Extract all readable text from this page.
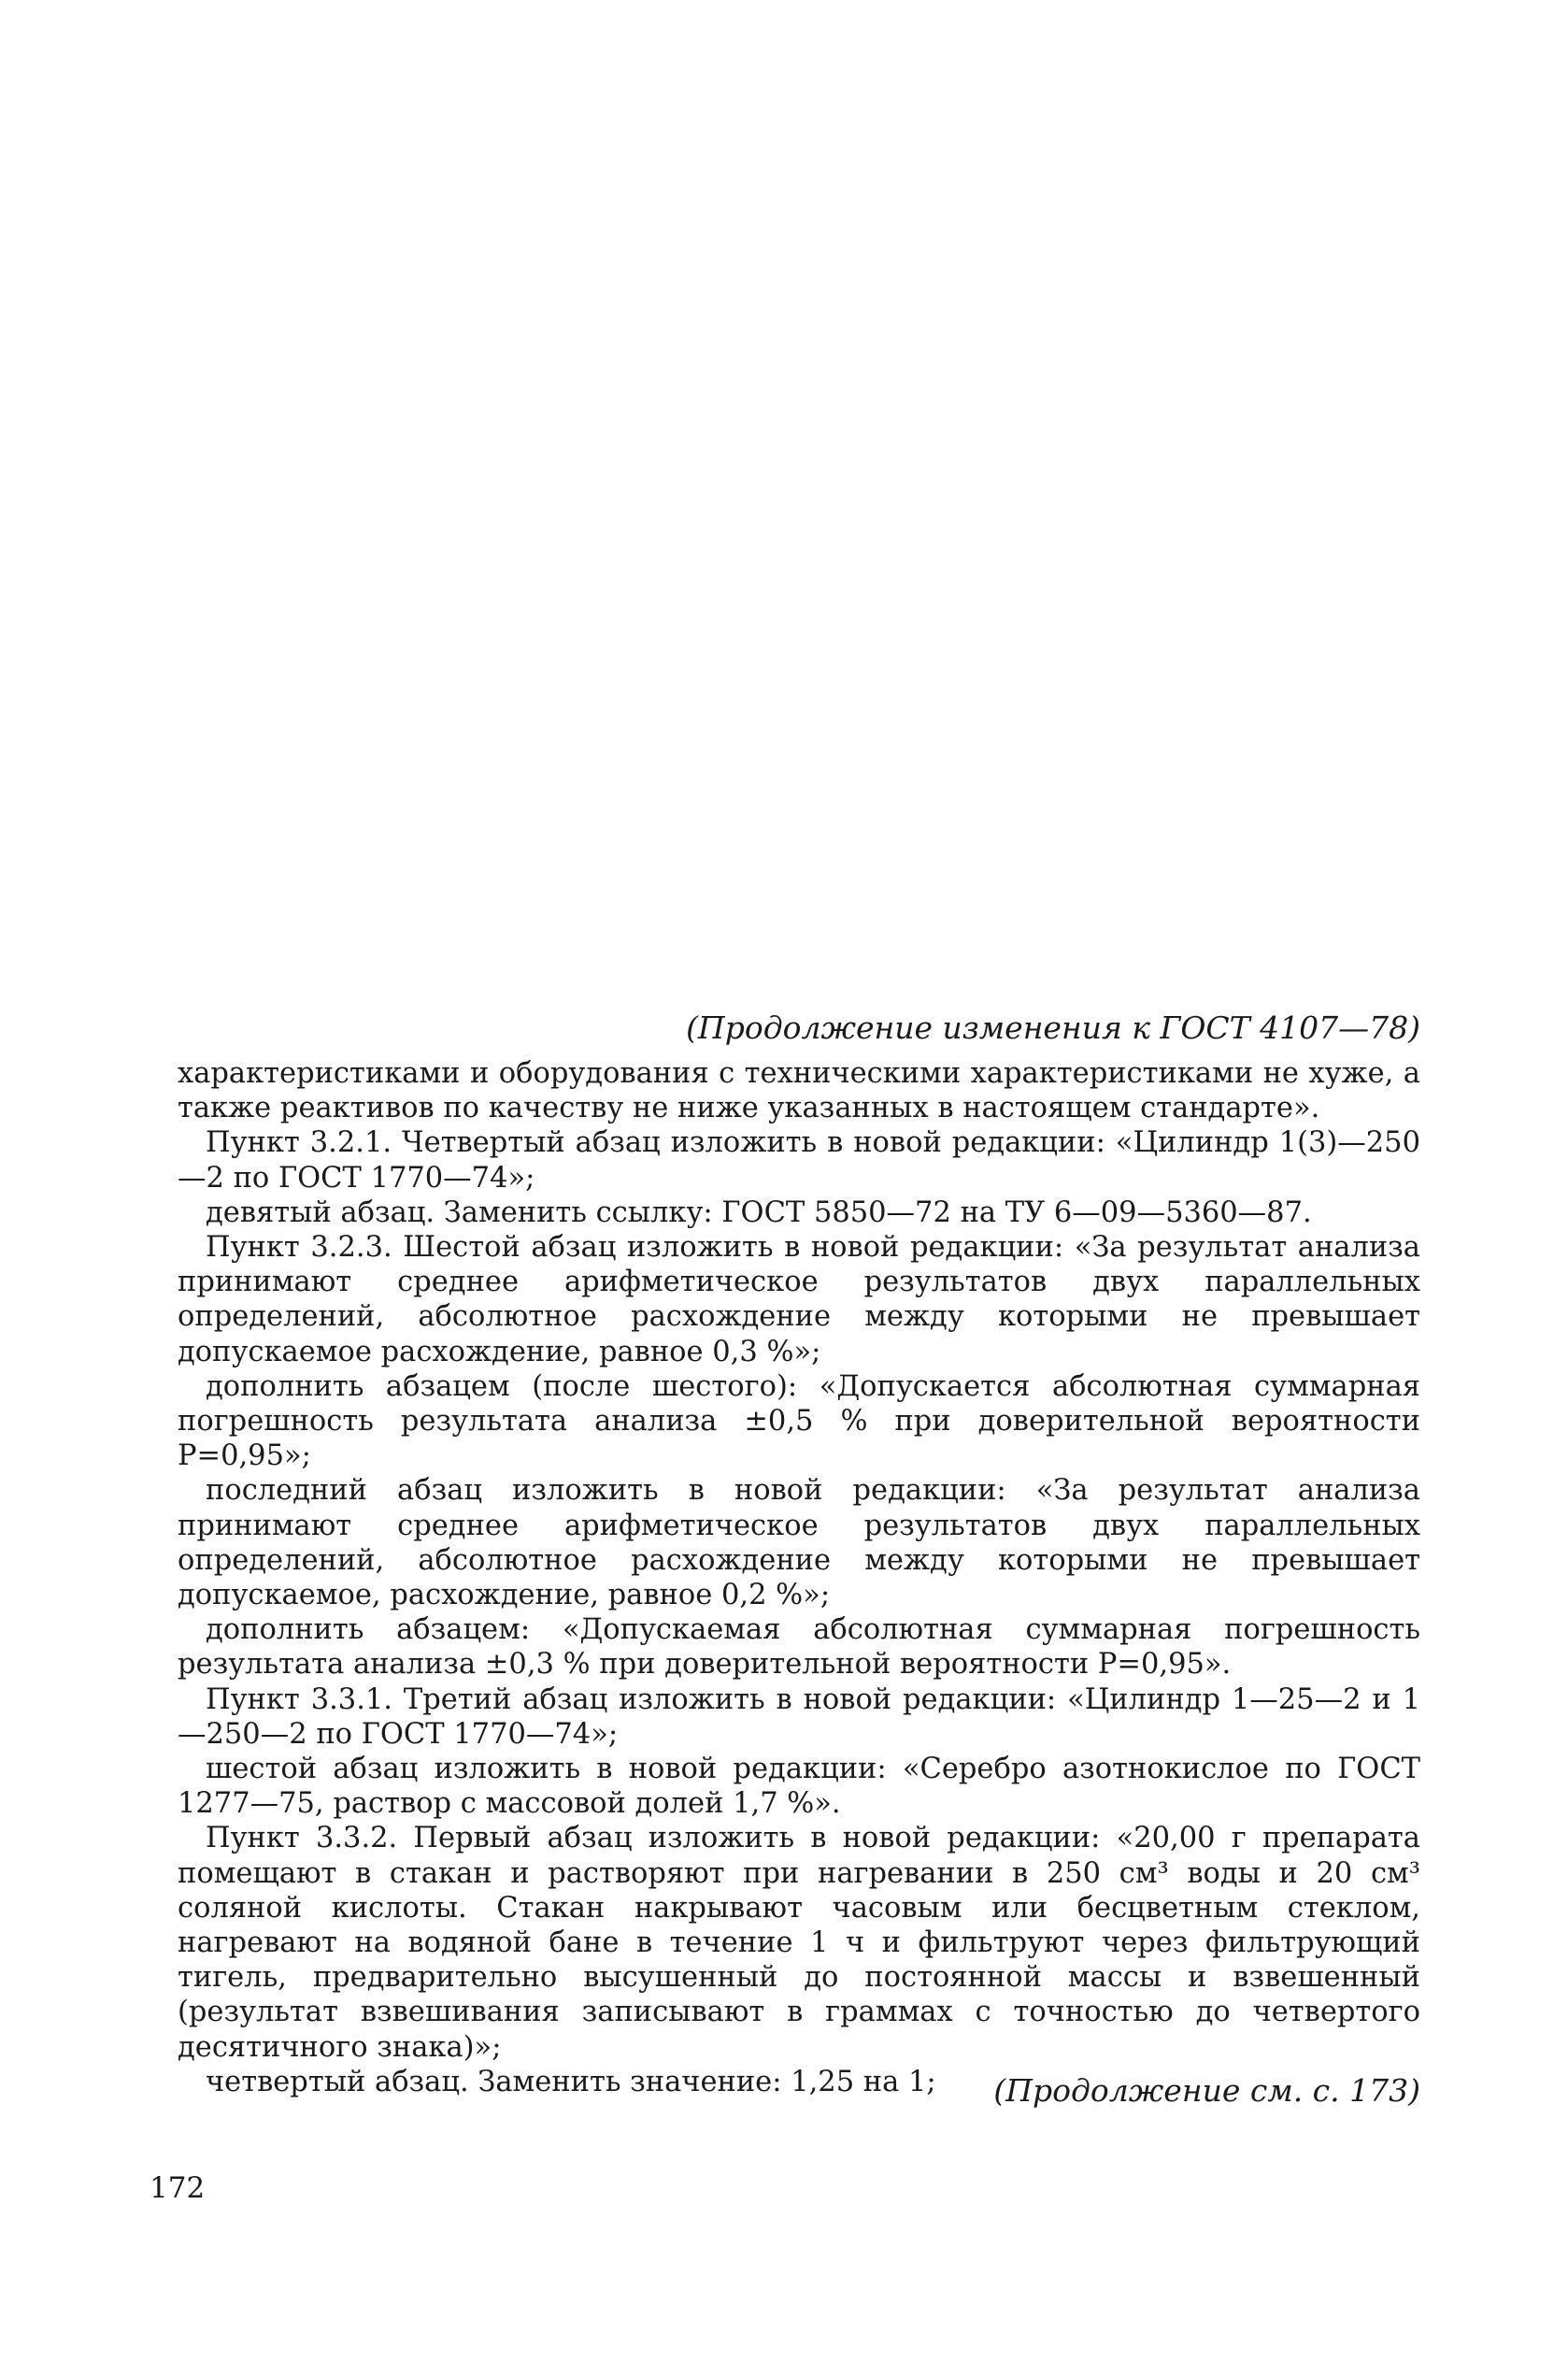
(Продолжение изменения к ГОСТ 4107—78)

характеристиками и оборудования с техническими характеристиками не хуже, а также реактивов по качеству не ниже указанных в настоящем стандарте».

Пункт 3.2.1. Четвертый абзац изложить в новой редакции: «Цилиндр 1(3)—250—2 по ГОСТ 1770—74»;

девятый абзац. Заменить ссылку: ГОСТ 5850—72 на ТУ 6—09—5360—87.

Пункт 3.2.3. Шестой абзац изложить в новой редакции: «За результат анализа принимают среднее арифметическое результатов двух параллельных определений, абсолютное расхождение между которыми не превышает допускаемое расхождение, равное 0,3 %»;

дополнить абзацем (после шестого): «Допускается абсолютная суммарная погрешность результата анализа ±0,5 % при доверительной вероятности P=0,95»;

последний абзац изложить в новой редакции: «За результат анализа принимают среднее арифметическое результатов двух параллельных определений, абсолютное расхождение между которыми не превышает допускаемое, расхождение, равное 0,2 %»;

дополнить абзацем: «Допускаемая абсолютная суммарная погрешность результата анализа ±0,3 % при доверительной вероятности P=0,95».

Пункт 3.3.1. Третий абзац изложить в новой редакции: «Цилиндр 1—25—2 и 1—250—2 по ГОСТ 1770—74»;

шестой абзац изложить в новой редакции: «Серебро азотнокислое по ГОСТ 1277—75, раствор с массовой долей 1,7 %».

Пункт 3.3.2. Первый абзац изложить в новой редакции: «20,00 г препарата помещают в стакан и растворяют при нагревании в 250 см³ воды и 20 см³ соляной кислоты. Стакан накрывают часовым или бесцветным стеклом, нагревают на водяной бане в течение 1 ч и фильтруют через фильтрующий тигель, предварительно высушенный до постоянной массы и взвешенный (результат взвешивания записывают в граммах с точностью до четвертого десятичного знака)»;

четвертый абзац. Заменить значение: 1,25 на 1;	(Продолжение см. с. 173)

172
